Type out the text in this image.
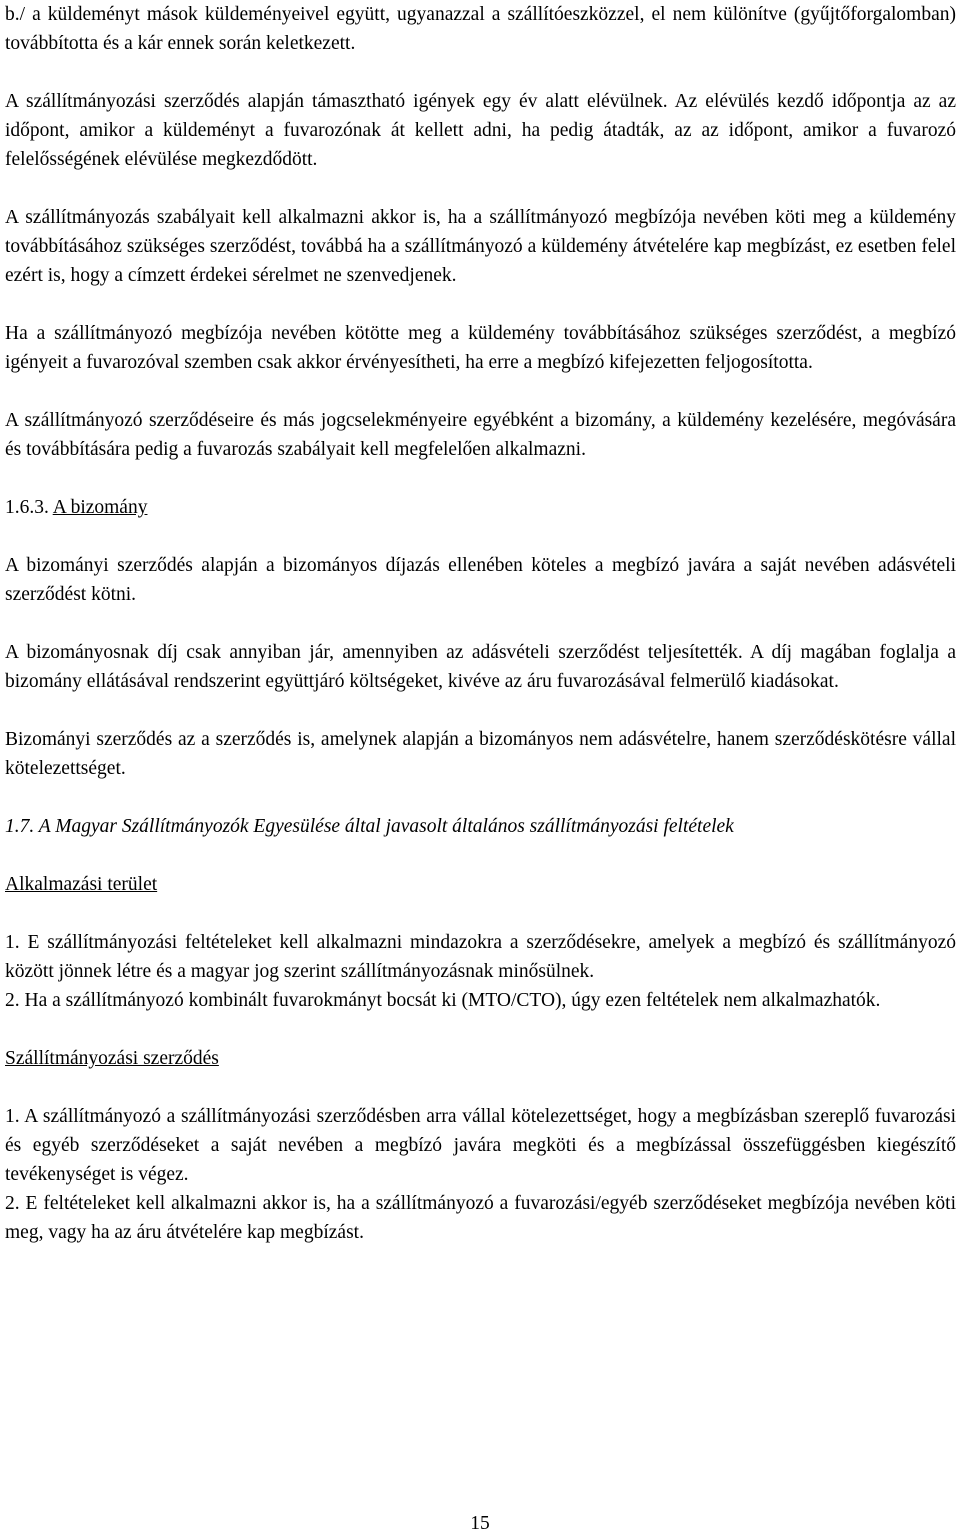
b./ a küldeményt mások küldeményeivel együtt, ugyanazzal a szállítóeszközzel, el nem különítve (gyűjtőforgalomban) továbbította és a kár ennek során keletkezett.

A szállítmányozási szerződés alapján támasztható igények egy év alatt elévülnek. Az elévülés kezdő időpontja az az időpont, amikor a küldeményt a fuvarozónak át kellett adni, ha pedig átadták, az az időpont, amikor a fuvarozó felelősségének elévülése megkezdődött.

A szállítmányozás szabályait kell alkalmazni akkor is, ha a szállítmányozó megbízója nevében köti meg a küldemény továbbításához szükséges szerződést, továbbá ha a szállítmányozó a küldemény átvételére kap megbízást, ez esetben felel ezért is, hogy a címzett érdekei sérelmet ne szenvedjenek.

Ha a szállítmányozó megbízója nevében kötötte meg a küldemény továbbításához szükséges szerződést, a megbízó igényeit a fuvarozóval szemben csak akkor érvényesítheti, ha erre a megbízó kifejezetten feljogosította.

A szállítmányozó szerződéseire és más jogcselekményeire egyébként a bizomány, a küldemény kezelésére, megóvására és továbbítására pedig a fuvarozás szabályait kell megfelelően alkalmazni.

1.6.3. A bizomány

A bizományi szerződés alapján a bizományos díjazás ellenében köteles a megbízó javára a saját nevében adásvételi szerződést kötni.

A bizományosnak díj csak annyiban jár, amennyiben az adásvételi szerződést teljesítették. A díj magában foglalja a bizomány ellátásával rendszerint együttjáró költségeket, kivéve az áru fuvarozásával felmerülő kiadásokat.

Bizományi szerződés az a szerződés is, amelynek alapján a bizományos nem adásvételre, hanem szerződéskötésre vállal kötelezettséget.

1.7. A Magyar Szállítmányozók Egyesülése által javasolt általános szállítmányozási feltételek

Alkalmazási terület

1. E szállítmányozási feltételeket kell alkalmazni mindazokra a szerződésekre, amelyek a megbízó és szállítmányozó között jönnek létre és a magyar jog szerint szállítmányozásnak minősülnek.

2. Ha a szállítmányozó kombinált fuvarokmányt bocsát ki (MTO/CTO), úgy ezen feltételek nem alkalmazhatók.

Szállítmányozási szerződés

1. A szállítmányozó a szállítmányozási szerződésben arra vállal kötelezettséget, hogy a megbízásban szereplő fuvarozási és egyéb szerződéseket a saját nevében a megbízó javára megköti és a megbízással összefüggésben kiegészítő tevékenységet is végez.

2. E feltételeket kell alkalmazni akkor is, ha a szállítmányozó a fuvarozási/egyéb szerződéseket megbízója nevében köti meg, vagy ha az áru átvételére kap megbízást.

15
